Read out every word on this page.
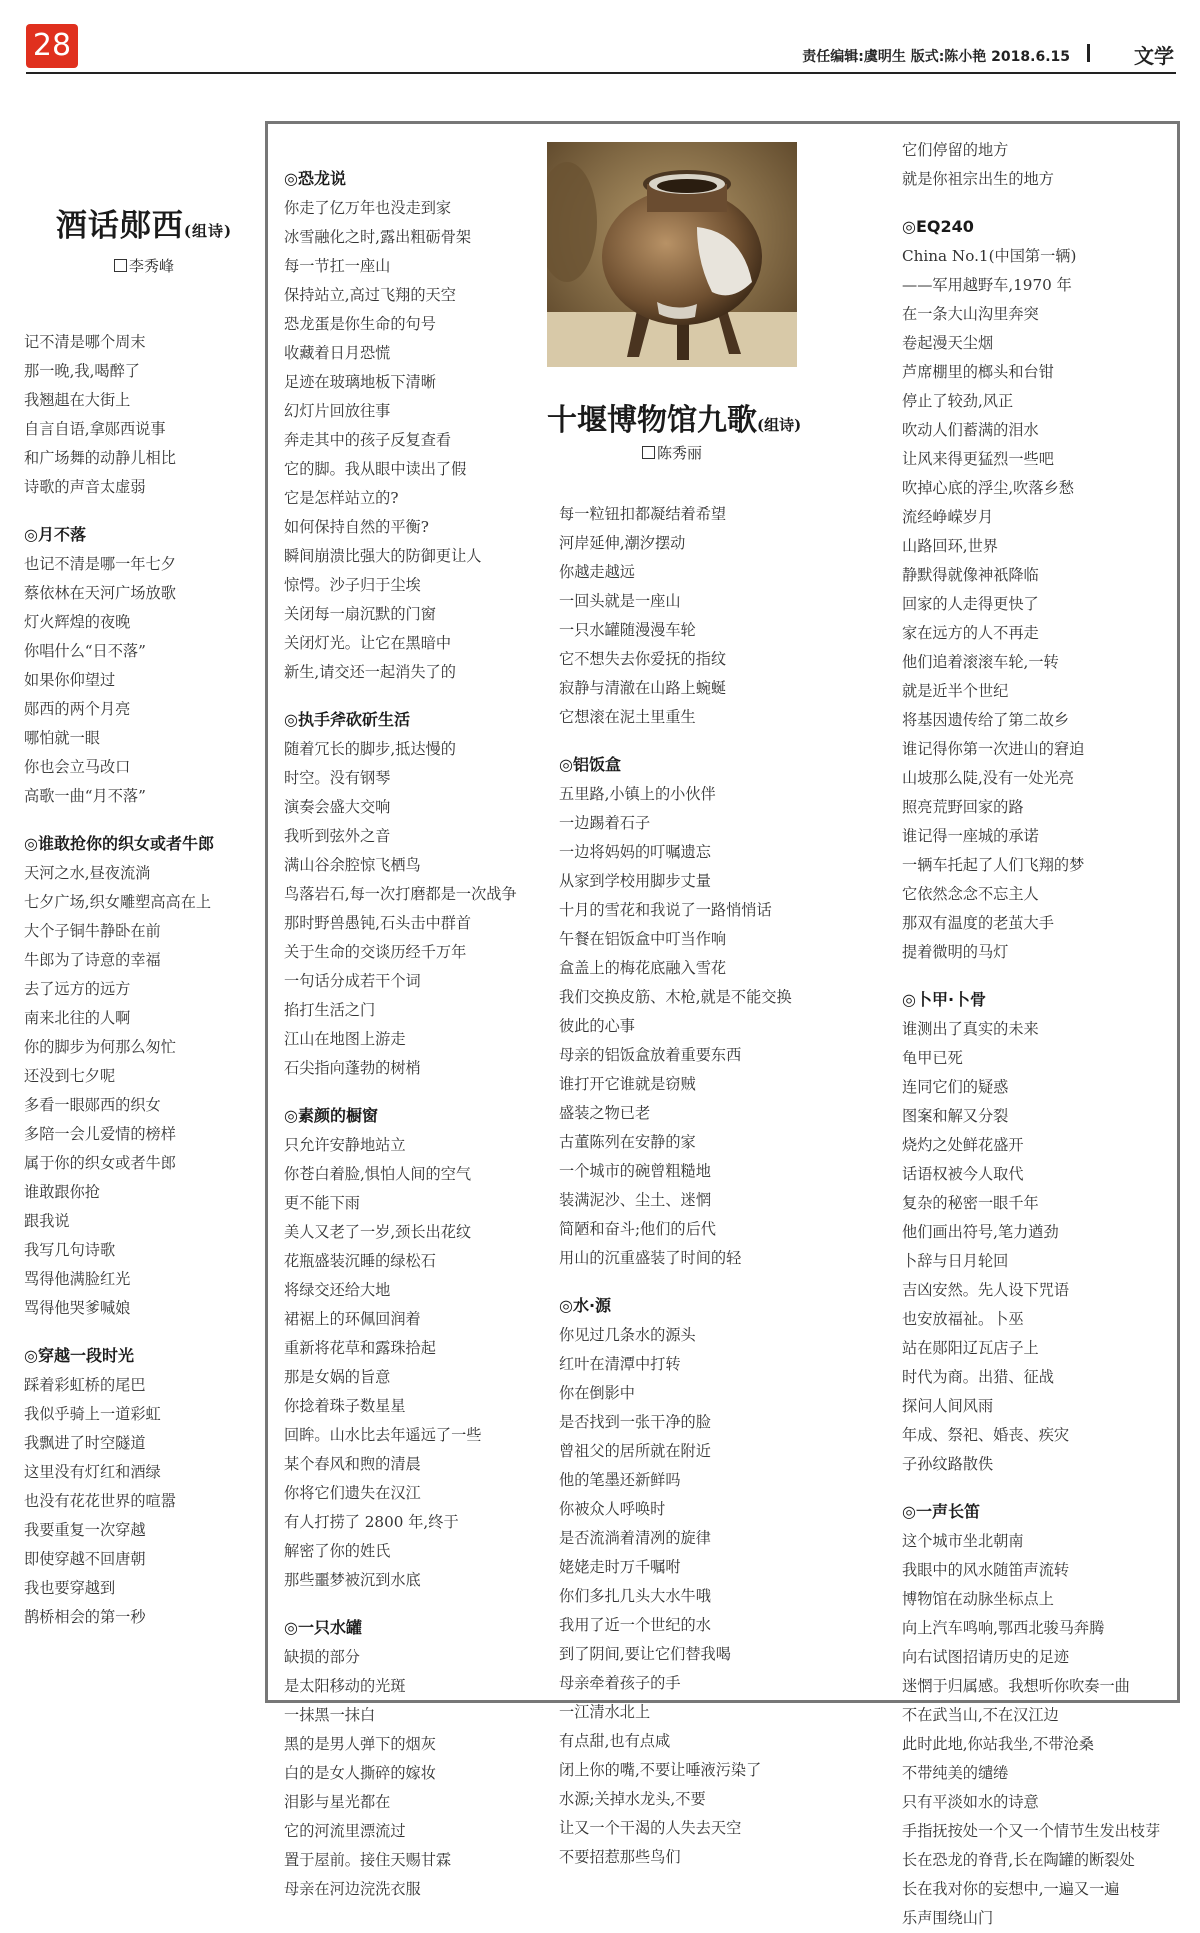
28	责任编辑:虞明生 版式:陈小艳 2018.6.15	文学
酒话郧西(组诗)
李秀峰
记不清是哪个周末
那一晚,我,喝醉了
我翘趄在大街上
自言自语,拿郧西说事
和广场舞的动静儿相比
诗歌的声音太虚弱
◎月不落
也记不清是哪一年七夕
蔡依林在天河广场放歌
灯火辉煌的夜晚
你唱什么“日不落”
如果你仰望过
郧西的两个月亮
哪怕就一眼
你也会立马改口
高歌一曲“月不落”
◎谁敢抢你的织女或者牛郎
天河之水,昼夜流淌
七夕广场,织女雕塑高高在上
大个子铜牛静卧在前
牛郎为了诗意的幸福
去了远方的远方
南来北往的人啊
你的脚步为何那么匆忙
还没到七夕呢
多看一眼郧西的织女
多陪一会儿爱情的榜样
属于你的织女或者牛郎
谁敢跟你抢
跟我说
我写几句诗歌
骂得他满脸红光
骂得他哭爹喊娘
◎穿越一段时光
踩着彩虹桥的尾巴
我似乎骑上一道彩虹
我飘进了时空隧道
这里没有灯红和酒绿
也没有花花世界的喧嚣
我要重复一次穿越
即使穿越不回唐朝
我也要穿越到
鹊桥相会的第一秒
◎恐龙说
你走了亿万年也没走到家
冰雪融化之时,露出粗砺骨架
每一节扛一座山
保持站立,高过飞翔的天空
恐龙蛋是你生命的句号
收藏着日月恐慌
足迹在玻璃地板下清晰
幻灯片回放往事
奔走其中的孩子反复查看
它的脚。我从眼中读出了假
它是怎样站立的?
如何保持自然的平衡?
瞬间崩溃比强大的防御更让人
惊愕。沙子归于尘埃
关闭每一扇沉默的门窗
关闭灯光。让它在黑暗中
新生,请交还一起消失了的
◎执手斧砍斫生活
随着冗长的脚步,抵达慢的
时空。没有钢琴
演奏会盛大交响
我听到弦外之音
满山谷余腔惊飞栖鸟
鸟落岩石,每一次打磨都是一次战争
那时野兽愚钝,石头击中群首
关于生命的交谈历经千万年
一句话分成若干个词
掐打生活之门
江山在地图上游走
石尖指向蓬勃的树梢
◎素颜的橱窗
只允许安静地站立
你苍白着脸,惧怕人间的空气
更不能下雨
美人又老了一岁,颈长出花纹
花瓶盛装沉睡的绿松石
将绿交还给大地
裙裾上的环佩回润着
重新将花草和露珠拾起
那是女娲的旨意
你捻着珠子数星星
回眸。山水比去年遥远了一些
某个春风和煦的清晨
你将它们遗失在汉江
有人打捞了 2800 年,终于
解密了你的姓氏
那些噩梦被沉到水底
◎一只水罐
缺损的部分
是太阳移动的光斑
一抹黑一抹白
黑的是男人弹下的烟灰
白的是女人撕碎的嫁妆
泪影与星光都在
它的河流里漂流过
置于屋前。接住天赐甘霖
母亲在河边浣洗衣服
十堰博物馆九歌(组诗)
陈秀丽
每一粒钮扣都凝结着希望
河岸延伸,潮汐摆动
你越走越远
一回头就是一座山
一只水罐随漫漫车轮
它不想失去你爱抚的指纹
寂静与清澈在山路上蜿蜒
它想滚在泥土里重生
◎铝饭盒
五里路,小镇上的小伙伴
一边踢着石子
一边将妈妈的叮嘱遗忘
从家到学校用脚步丈量
十月的雪花和我说了一路悄悄话
午餐在铝饭盒中叮当作响
盒盖上的梅花底融入雪花
我们交换皮筋、木枪,就是不能交换
彼此的心事
母亲的铝饭盒放着重要东西
谁打开它谁就是窃贼
盛装之物已老
古董陈列在安静的家
一个城市的碗曾粗糙地
装满泥沙、尘土、迷惘
简陋和奋斗;他们的后代
用山的沉重盛装了时间的轻
◎水·源
你见过几条水的源头
红叶在清潭中打转
你在倒影中
是否找到一张干净的脸
曾祖父的居所就在附近
他的笔墨还新鲜吗
你被众人呼唤时
是否流淌着清冽的旋律
姥姥走时万千嘱咐
你们多扎几头大水牛哦
我用了近一个世纪的水
到了阴间,要让它们替我喝
母亲牵着孩子的手
一江清水北上
有点甜,也有点咸
闭上你的嘴,不要让唾液污染了
水源;关掉水龙头,不要
让又一个干渴的人失去天空
不要招惹那些鸟们
它们停留的地方
就是你祖宗出生的地方
◎EQ240
China No.1(中国第一辆)
——军用越野车,1970 年
在一条大山沟里奔突
卷起漫天尘烟
芦席棚里的榔头和台钳
停止了较劲,风正
吹动人们蓄满的泪水
让风来得更猛烈一些吧
吹掉心底的浮尘,吹落乡愁
流经峥嵘岁月
山路回环,世界
静默得就像神祇降临
回家的人走得更快了
家在远方的人不再走
他们追着滚滚车轮,一转
就是近半个世纪
将基因遗传给了第二故乡
谁记得你第一次进山的窘迫
山坡那么陡,没有一处光亮
照亮荒野回家的路
谁记得一座城的承诺
一辆车托起了人们飞翔的梦
它依然念念不忘主人
那双有温度的老茧大手
提着微明的马灯
◎卜甲·卜骨
谁测出了真实的未来
龟甲已死
连同它们的疑惑
图案和解又分裂
烧灼之处鲜花盛开
话语权被今人取代
复杂的秘密一眼千年
他们画出符号,笔力遒劲
卜辞与日月轮回
吉凶安然。先人设下咒语
也安放福祉。卜巫
站在郧阳辽瓦店子上
时代为商。出猎、征战
探问人间风雨
年成、祭祀、婚丧、疾灾
子孙纹路散佚
◎一声长笛
这个城市坐北朝南
我眼中的风水随笛声流转
博物馆在动脉坐标点上
向上汽车鸣响,鄂西北骏马奔腾
向右试图招请历史的足迹
迷惘于归属感。我想听你吹奏一曲
不在武当山,不在汉江边
此时此地,你站我坐,不带沧桑
不带纯美的缱绻
只有平淡如水的诗意
手指抚按处一个又一个情节生发出枝芽
长在恐龙的脊背,长在陶罐的断裂处
长在我对你的妄想中,一遍又一遍
乐声围绕山门
